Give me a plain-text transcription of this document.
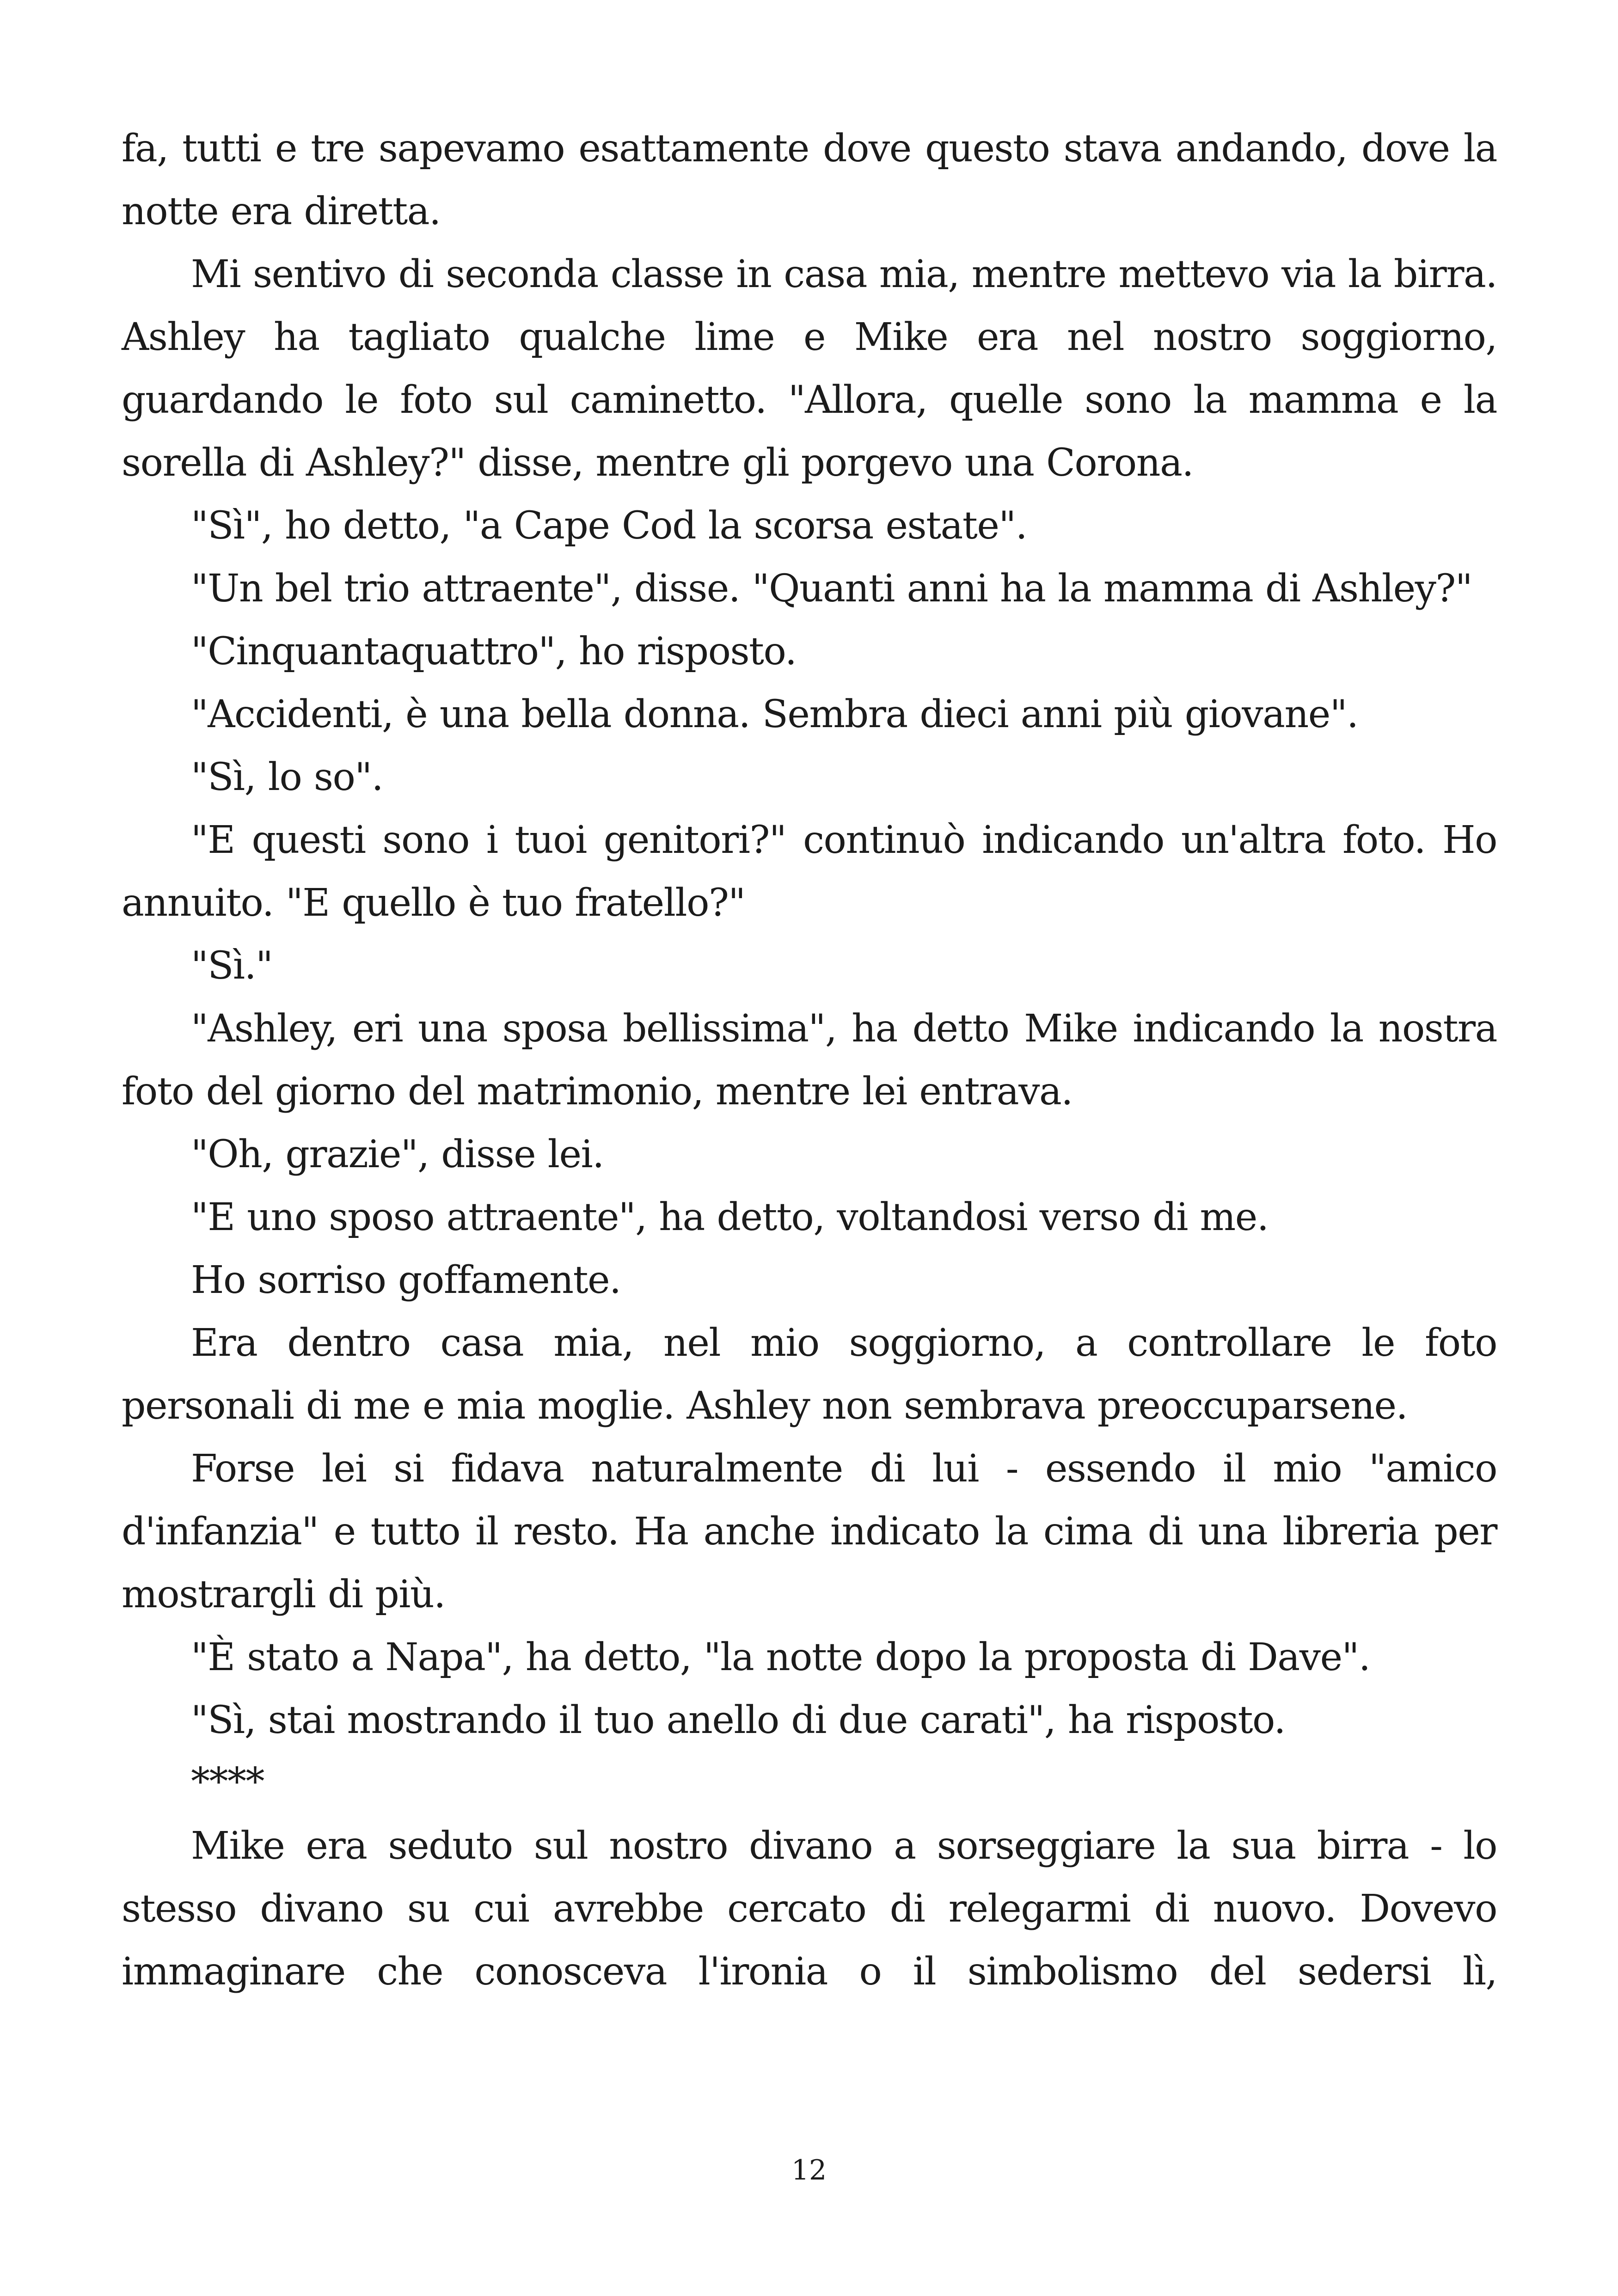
fa, tutti e tre sapevamo esattamente dove questo stava andando, dove la notte era diretta.

Mi sentivo di seconda classe in casa mia, mentre mettevo via la birra. Ashley ha tagliato qualche lime e Mike era nel nostro soggiorno, guardando le foto sul caminetto. "Allora, quelle sono la mamma e la sorella di Ashley?" disse, mentre gli porgevo una Corona.

"Sì", ho detto, "a Cape Cod la scorsa estate".

"Un bel trio attraente", disse. "Quanti anni ha la mamma di Ashley?"

"Cinquantaquattro", ho risposto.

"Accidenti, è una bella donna. Sembra dieci anni più giovane".

"Sì, lo so".

"E questi sono i tuoi genitori?" continuò indicando un'altra foto. Ho annuito. "E quello è tuo fratello?"

"Sì."

"Ashley, eri una sposa bellissima", ha detto Mike indicando la nostra foto del giorno del matrimonio, mentre lei entrava.

"Oh, grazie", disse lei.

"E uno sposo attraente", ha detto, voltandosi verso di me.

Ho sorriso goffamente.

Era dentro casa mia, nel mio soggiorno, a controllare le foto personali di me e mia moglie. Ashley non sembrava preoccuparsene.

Forse lei si fidava naturalmente di lui - essendo il mio "amico d'infanzia" e tutto il resto. Ha anche indicato la cima di una libreria per mostrargli di più.

"È stato a Napa", ha detto, "la notte dopo la proposta di Dave".

"Sì, stai mostrando il tuo anello di due carati", ha risposto.

****

Mike era seduto sul nostro divano a sorseggiare la sua birra - lo stesso divano su cui avrebbe cercato di relegarmi di nuovo. Dovevo immaginare che conosceva l'ironia o il simbolismo del sedersi lì,

12
